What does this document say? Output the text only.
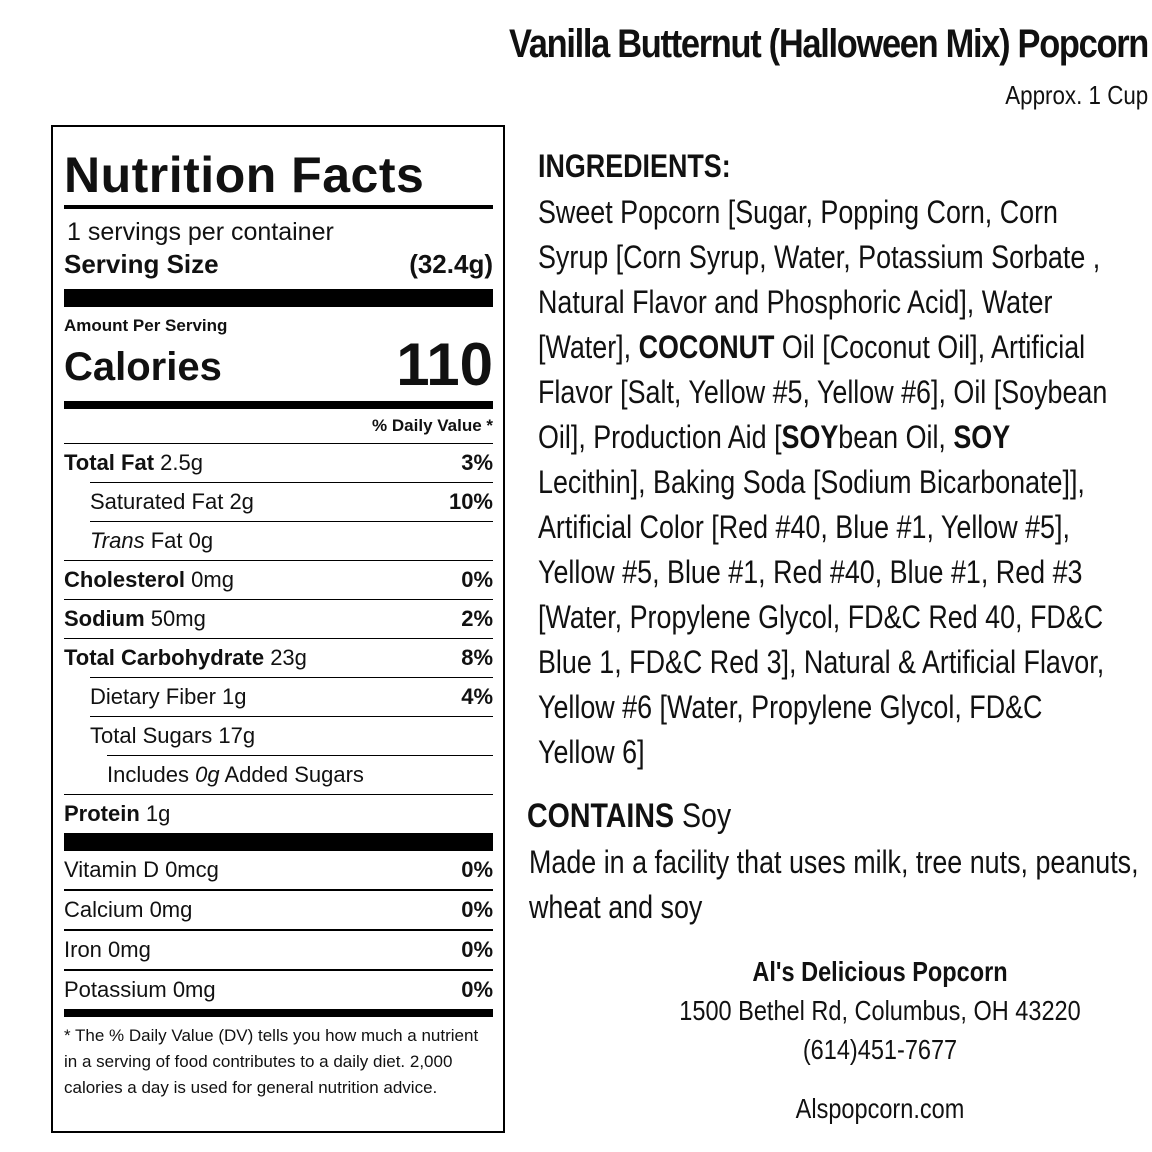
Vanilla Butternut (Halloween Mix) Popcorn
Approx. 1 Cup
Nutrition Facts
1 servings per container
Serving Size	(32.4g)
Amount Per Serving
Calories	110
% Daily Value *
Total Fat 2.5g	3%
Saturated Fat 2g	10%
Trans Fat 0g
Cholesterol 0mg	0%
Sodium 50mg	2%
Total Carbohydrate 23g	8%
Dietary Fiber 1g	4%
Total Sugars 17g
Includes 0g Added Sugars
Protein 1g
Vitamin D 0mcg	0%
Calcium 0mg	0%
Iron 0mg	0%
Potassium 0mg	0%
* The % Daily Value (DV) tells you how much a nutrient in a serving of food contributes to a daily diet. 2,000 calories a day is used for general nutrition advice.
INGREDIENTS:
Sweet Popcorn [Sugar, Popping Corn, Corn Syrup [Corn Syrup, Water, Potassium Sorbate , Natural Flavor and Phosphoric Acid], Water [Water], COCONUT Oil [Coconut Oil], Artificial Flavor [Salt, Yellow #5, Yellow #6], Oil [Soybean Oil], Production Aid [SOYbean Oil, SOY Lecithin], Baking Soda [Sodium Bicarbonate]], Artificial Color [Red #40, Blue #1, Yellow #5], Yellow #5, Blue #1, Red #40, Blue #1, Red #3 [Water, Propylene Glycol, FD&C Red 40, FD&C Blue 1, FD&C Red 3], Natural & Artificial Flavor, Yellow #6 [Water, Propylene Glycol, FD&C Yellow 6]
CONTAINS Soy
Made in a facility that uses milk, tree nuts, peanuts, wheat and soy
Al's Delicious Popcorn
1500 Bethel Rd, Columbus, OH 43220
(614)451-7677
Alspopcorn.com
